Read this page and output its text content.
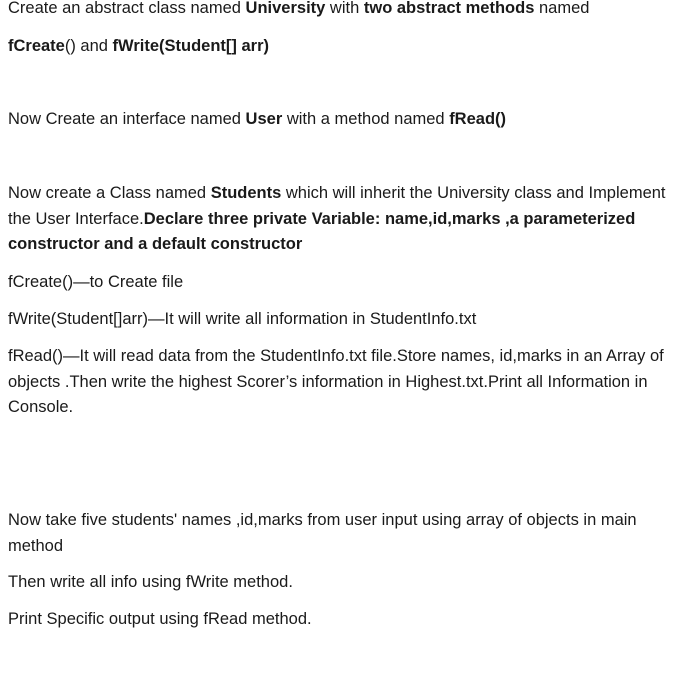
Create an abstract class named University with two abstract methods named
fCreate() and fWrite(Student[] arr)

Now Create an interface named User with a method named fRead()

Now create a Class named Students which will inherit the University class and Implement the User Interface.Declare three private Variable: name,id,marks ,a parameterized constructor and a default constructor

fCreate()—to Create file

fWrite(Student[]arr)—It will write all information in StudentInfo.txt

fRead()—It will read data from the StudentInfo.txt file.Store names, id,marks in an Array of objects .Then write the highest Scorer’s information in Highest.txt.Print all Information in Console.

Now take five students' names ,id,marks from user input using array of objects in main method

Then write all info using fWrite method.

Print Specific output using fRead method.
